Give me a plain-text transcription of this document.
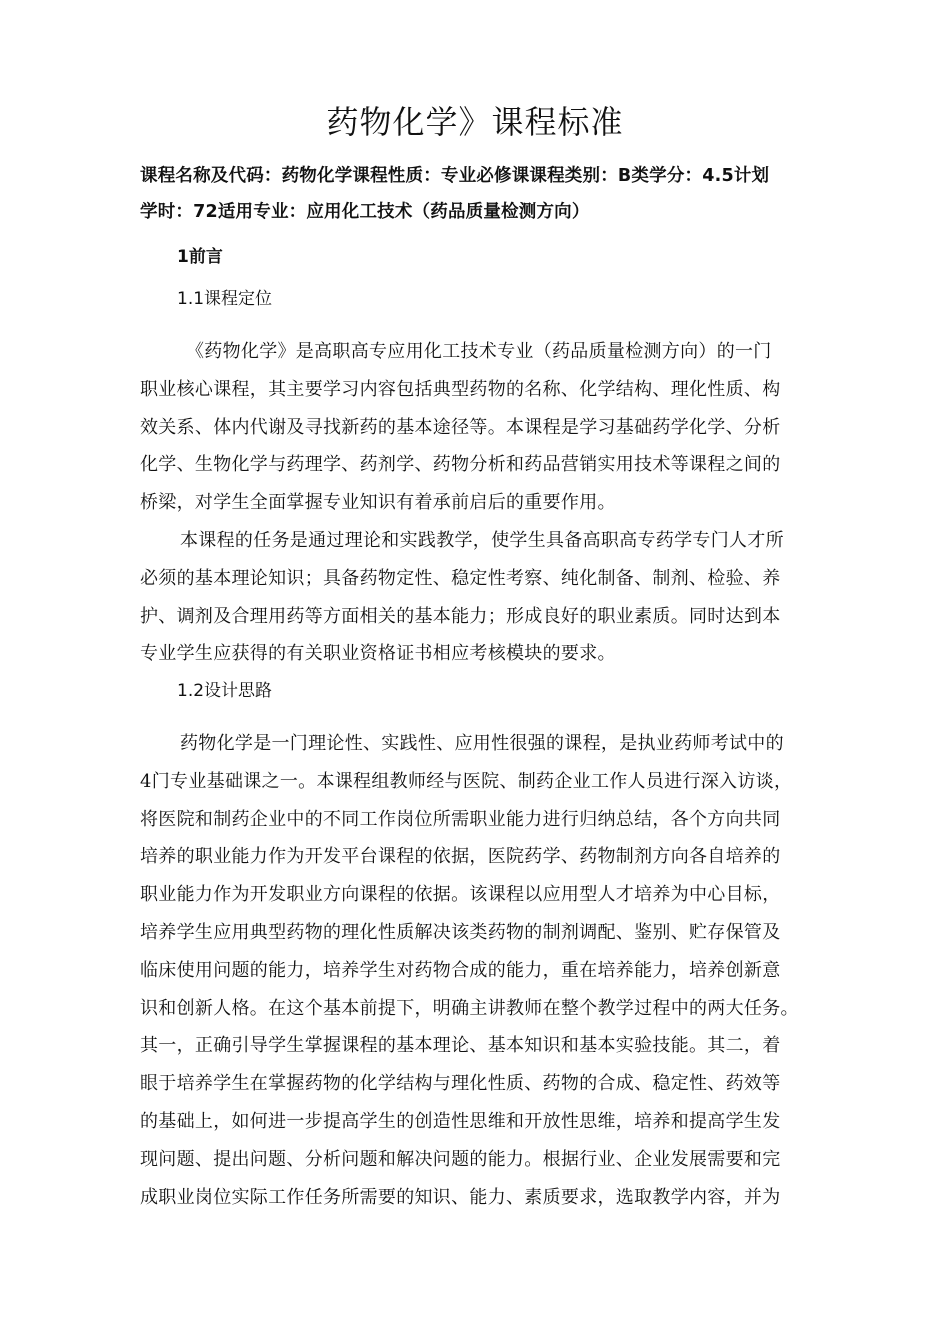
药物化学》课程标准
课程名称及代码：药物化学课程性质：专业必修课课程类别：B类学分：4.5计划
学时：72适用专业：应用化工技术（药品质量检测方向）
1前言
1.1课程定位
《药物化学》是高职高专应用化工技术专业（药品质量检测方向）的一门
职业核心课程，其主要学习内容包括典型药物的名称、化学结构、理化性质、构
效关系、体内代谢及寻找新药的基本途径等。本课程是学习基础药学化学、分析
化学、生物化学与药理学、药剂学、药物分析和药品营销实用技术等课程之间的
桥梁，对学生全面掌握专业知识有着承前启后的重要作用。
本课程的任务是通过理论和实践教学，使学生具备高职高专药学专门人才所
必须的基本理论知识；具备药物定性、稳定性考察、纯化制备、制剂、检验、养
护、调剂及合理用药等方面相关的基本能力；形成良好的职业素质。同时达到本
专业学生应获得的有关职业资格证书相应考核模块的要求。
1.2设计思路
药物化学是一门理论性、实践性、应用性很强的课程，是执业药师考试中的
4门专业基础课之一。本课程组教师经与医院、制药企业工作人员进行深入访谈，
将医院和制药企业中的不同工作岗位所需职业能力进行归纳总结，各个方向共同
培养的职业能力作为开发平台课程的依据，医院药学、药物制剂方向各自培养的
职业能力作为开发职业方向课程的依据。该课程以应用型人才培养为中心目标，
培养学生应用典型药物的理化性质解决该类药物的制剂调配、鉴别、贮存保管及
临床使用问题的能力，培养学生对药物合成的能力，重在培养能力，培养创新意
识和创新人格。在这个基本前提下，明确主讲教师在整个教学过程中的两大任务。
其一，正确引导学生掌握课程的基本理论、基本知识和基本实验技能。其二，着
眼于培养学生在掌握药物的化学结构与理化性质、药物的合成、稳定性、药效等
的基础上，如何进一步提高学生的创造性思维和开放性思维，培养和提高学生发
现问题、提出问题、分析问题和解决问题的能力。根据行业、企业发展需要和完
成职业岗位实际工作任务所需要的知识、能力、素质要求，选取教学内容，并为
